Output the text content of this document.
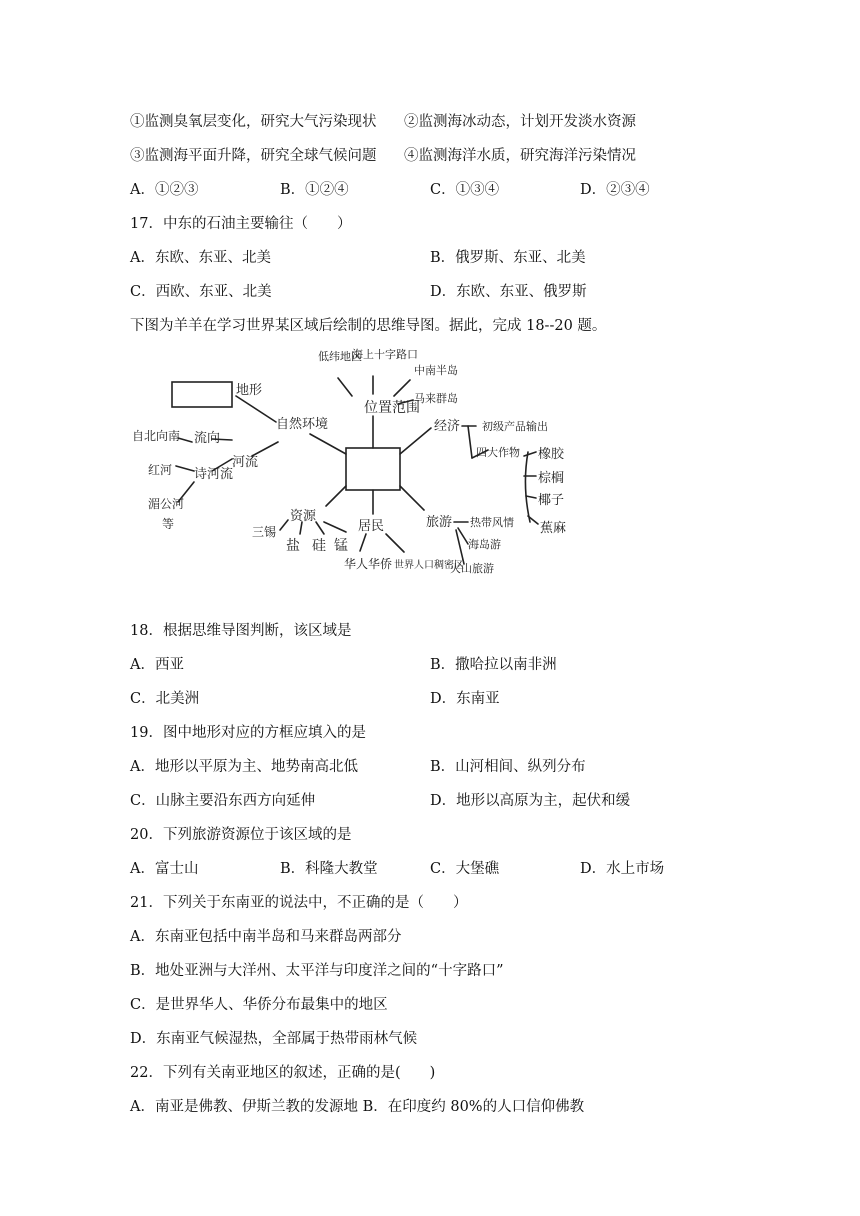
①监测臭氧层变化，研究大气污染现状 ②监测海冰动态，计划开发淡水资源
③监测海平面升降，研究全球气候问题 ④监测海洋水质，研究海洋污染情况
A．①②③	B．①②④	C．①③④	D．②③④
17．中东的石油主要输往（　　）
A．东欧、东亚、北美	B．俄罗斯、东亚、北美
C．西欧、东亚、北美	D．东欧、东亚、俄罗斯
下图为羊羊在学习世界某区域后绘制的思维导图。据此，完成 18--20 题。
位置范围
低纬地区
海上十字路口
中南半岛
马来群岛
自然环境
地形
河流
流向
自北向南
诗河流
红河
湄公河
等
经济 初级产品输出
四大作物 橡胶
棕榈
椰子
蕉麻
资源
三锡
盐 硅 锰
居民
华人华侨 世界人口稠密区
旅游 热带风情
海岛游
火山旅游
18．根据思维导图判断，该区域是
A．西亚	B．撒哈拉以南非洲
C．北美洲	D．东南亚
19．图中地形对应的方框应填入的是
A．地形以平原为主、地势南高北低	B．山河相间、纵列分布
C．山脉主要沿东西方向延伸	D．地形以高原为主，起伏和缓
20．下列旅游资源位于该区域的是
A．富士山	B．科隆大教堂	C．大堡礁	D．水上市场
21．下列关于东南亚的说法中，不正确的是（　　）
A．东南亚包括中南半岛和马来群岛两部分
B．地处亚洲与大洋州、太平洋与印度洋之间的“十字路口”
C．是世界华人、华侨分布最集中的地区
D．东南亚气候湿热，全部属于热带雨林气候
22．下列有关南亚地区的叙述，正确的是(　　)
A．南亚是佛教、伊斯兰教的发源地 B．在印度约 80%的人口信仰佛教
